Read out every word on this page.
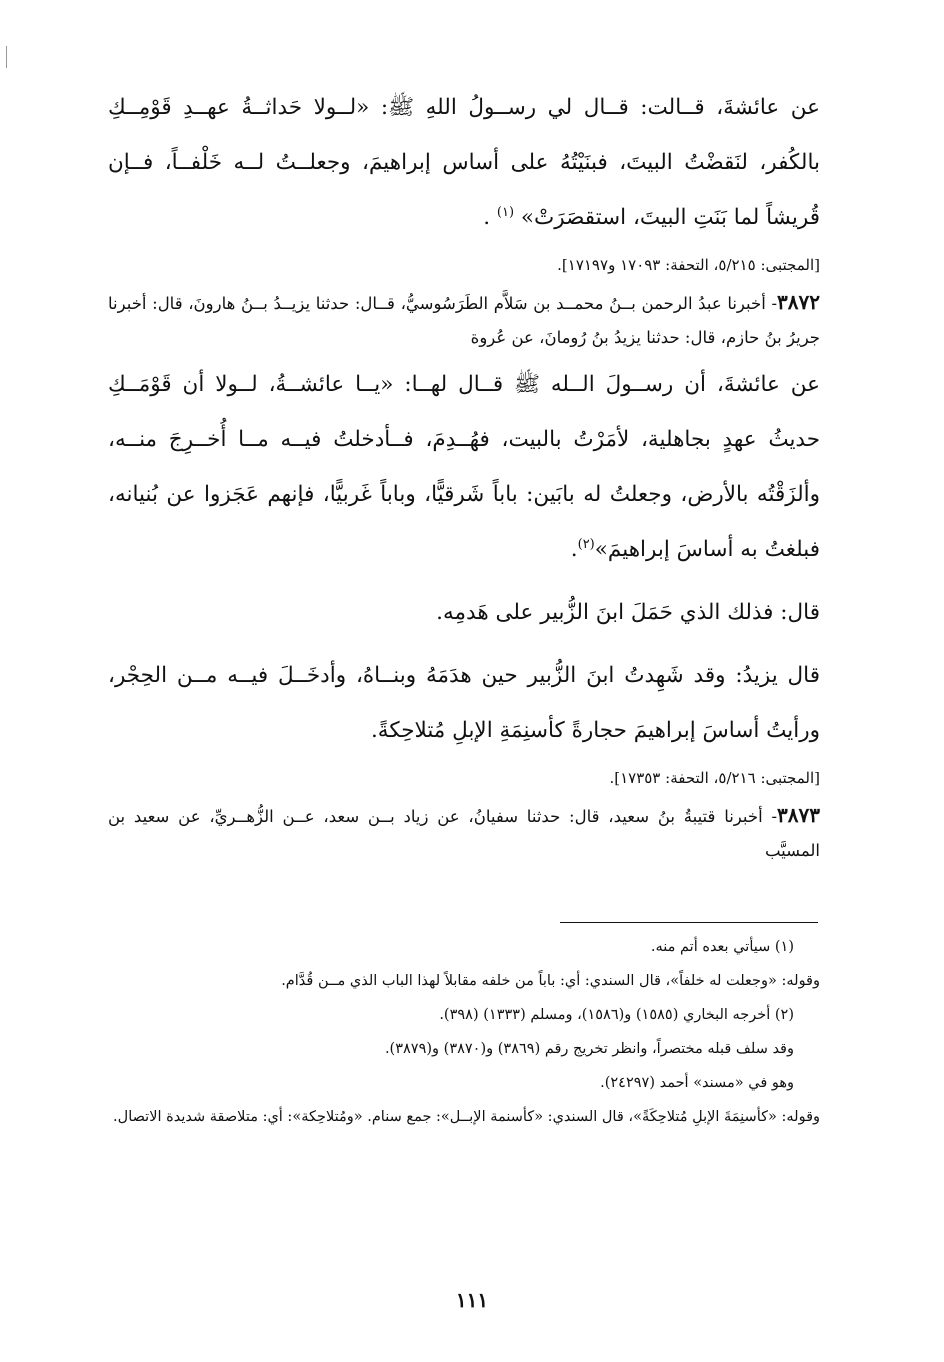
عن عائشةَ، قــالت: قــال لي رســولُ اللهِ ﷺ: «لــولا حَداثــةُ عهــدِ قَوْمِــكِ بالكُفر، لنَقضْتُ البيتَ، فبنَيْتُهُ على أساس إبراهيمَ، وجعلــتُ لــه خَلْفــاً، فــإن قُريشاً لما بَنَتِ البيتَ، استقصَرَتْ» $^{(١)}$ .

[المجتبى: ٥/٢١٥، التحفة: ١٧٠٩٣ و١٧١٩٧].

٣٨٧٢- أخبرنا عبدُ الرحمن بــنُ محمــد بن سَلاَّم الطَرَسُوسيُّ، قــال: حدثنا يزيــدُ بــنُ هارونَ، قال: أخبرنا جريرُ بنُ حازم، قال: حدثنا يزيدُ بنُ رُومانَ، عن عُروة

عن عائشةَ، أن رســولَ الــله ﷺ قــال لهــا: «يــا عائشــةُ، لــولا أن قَوْمَــكِ حديثُ عهدٍ بجاهلية، لأمَرْتُ بالبيت، فهُــدِمَ، فــأدخلتُ فيــه مــا أُخــرِجَ منــه، وألزَقْتُه بالأرض، وجعلتُ له بابَين: باباً شَرقيًّا، وباباً غَربيًّا، فإنهم عَجَزوا عن بُنيانه، فبلغتُ به أساسَ إبراهيمَ»$^{(٢)}$.

قال: فذلك الذي حَمَلَ ابنَ الزُّبير على هَدمِه.

قال يزيدُ: وقد شَهِدتُ ابنَ الزُّبير حين هدَمَهُ وبنــاهُ، وأدخَــلَ فيــه مــن الحِجْر، ورأيتُ أساسَ إبراهيمَ حجارةً كأسنِمَةِ الإبلِ مُتلاحِكةً.

[المجتبى: ٥/٢١٦، التحفة: ١٧٣٥٣].

٣٨٧٣- أخبرنا قتيبةُ بنُ سعيد، قال: حدثنا سفيانُ، عن زياد بــن سعد، عــن الزُّهــريِّ، عن سعيد بن المسيَّب

(١) سيأتي بعده أتم منه.

وقوله: «وجعلت له خلفاً»، قال السندي: أي: باباً من خلفه مقابلاً لهذا الباب الذي مــن قُدَّام.

(٢) أخرجه البخاري (١٥٨٥) و(١٥٨٦)، ومسلم (١٣٣٣) (٣٩٨).

وقد سلف قبله مختصراً، وانظر تخريج رقم (٣٨٦٩) و(٣٨٧٠) و(٣٨٧٩).

وهو في «مسند» أحمد (٢٤٢٩٧).

وقوله: «كأسنِمَةَ الإبلِ مُتلاحِكَةً»، قال السندي: «كأسنمة الإبــل»: جمع سنام. «ومُتلاحِكة»: أي: متلاصقة شديدة الاتصال.

١١١
